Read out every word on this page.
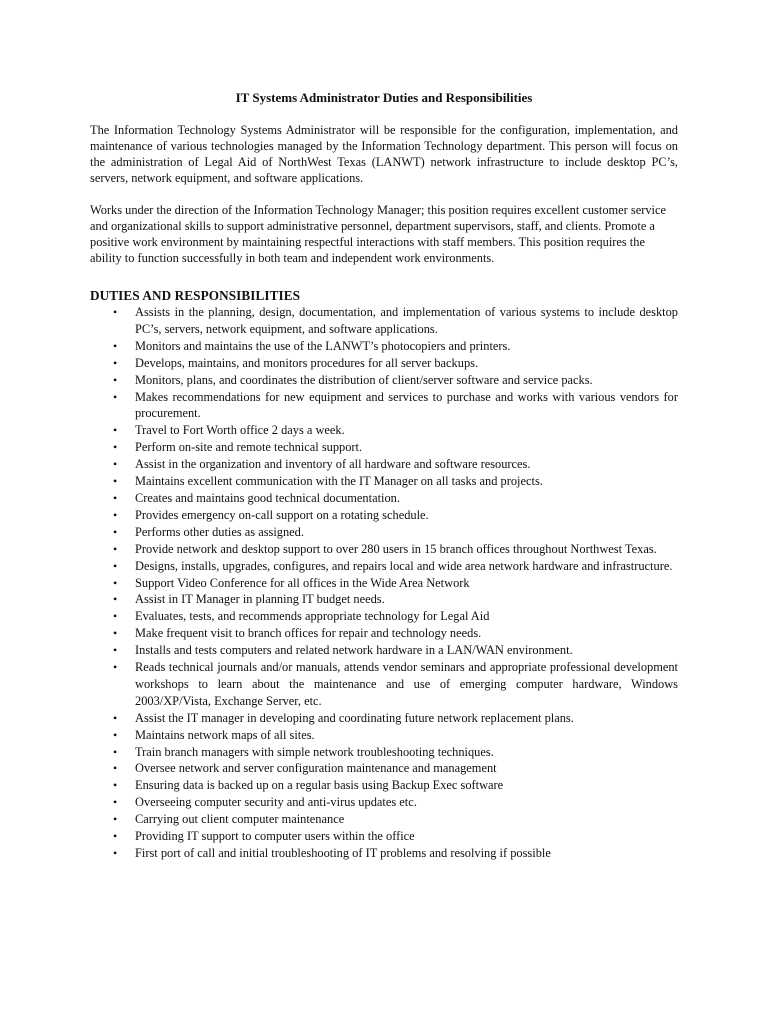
IT Systems Administrator Duties and Responsibilities

The Information Technology Systems Administrator will be responsible for the configuration, implementation, and maintenance of various technologies managed by the Information Technology department. This person will focus on the administration of Legal Aid of NorthWest Texas (LANWT) network infrastructure to include desktop PC’s, servers, network equipment, and software applications.

Works under the direction of the Information Technology Manager; this position requires excellent customer service and organizational skills to support administrative personnel, department supervisors, staff, and clients. Promote a positive work environment by maintaining respectful interactions with staff members. This position requires the ability to function successfully in both team and independent work environments.

DUTIES AND RESPONSIBILITIES
• Assists in the planning, design, documentation, and implementation of various systems to include desktop PC’s, servers, network equipment, and software applications.
• Monitors and maintains the use of the LANWT’s photocopiers and printers.
• Develops, maintains, and monitors procedures for all server backups.
• Monitors, plans, and coordinates the distribution of client/server software and service packs.
• Makes recommendations for new equipment and services to purchase and works with various vendors for procurement.
• Travel to Fort Worth office 2 days a week.
• Perform on-site and remote technical support.
• Assist in the organization and inventory of all hardware and software resources.
• Maintains excellent communication with the IT Manager on all tasks and projects.
• Creates and maintains good technical documentation.
• Provides emergency on-call support on a rotating schedule.
• Performs other duties as assigned.
• Provide network and desktop support to over 280 users in 15 branch offices throughout Northwest Texas.
• Designs, installs, upgrades, configures, and repairs local and wide area network hardware and infrastructure.
• Support Video Conference for all offices in the Wide Area Network
• Assist in IT Manager in planning IT budget needs.
• Evaluates, tests, and recommends appropriate technology for Legal Aid
• Make frequent visit to branch offices for repair and technology needs.
• Installs and tests computers and related network hardware in a LAN/WAN environment.
• Reads technical journals and/or manuals, attends vendor seminars and appropriate professional development workshops to learn about the maintenance and use of emerging computer hardware, Windows 2003/XP/Vista, Exchange Server, etc.
• Assist the IT manager in developing and coordinating future network replacement plans.
• Maintains network maps of all sites.
• Train branch managers with simple network troubleshooting techniques.
• Oversee network and server configuration maintenance and management
• Ensuring data is backed up on a regular basis using Backup Exec software
• Overseeing computer security and anti-virus updates etc.
• Carrying out client computer maintenance
• Providing IT support to computer users within the office
• First port of call and initial troubleshooting of IT problems and resolving if possible
